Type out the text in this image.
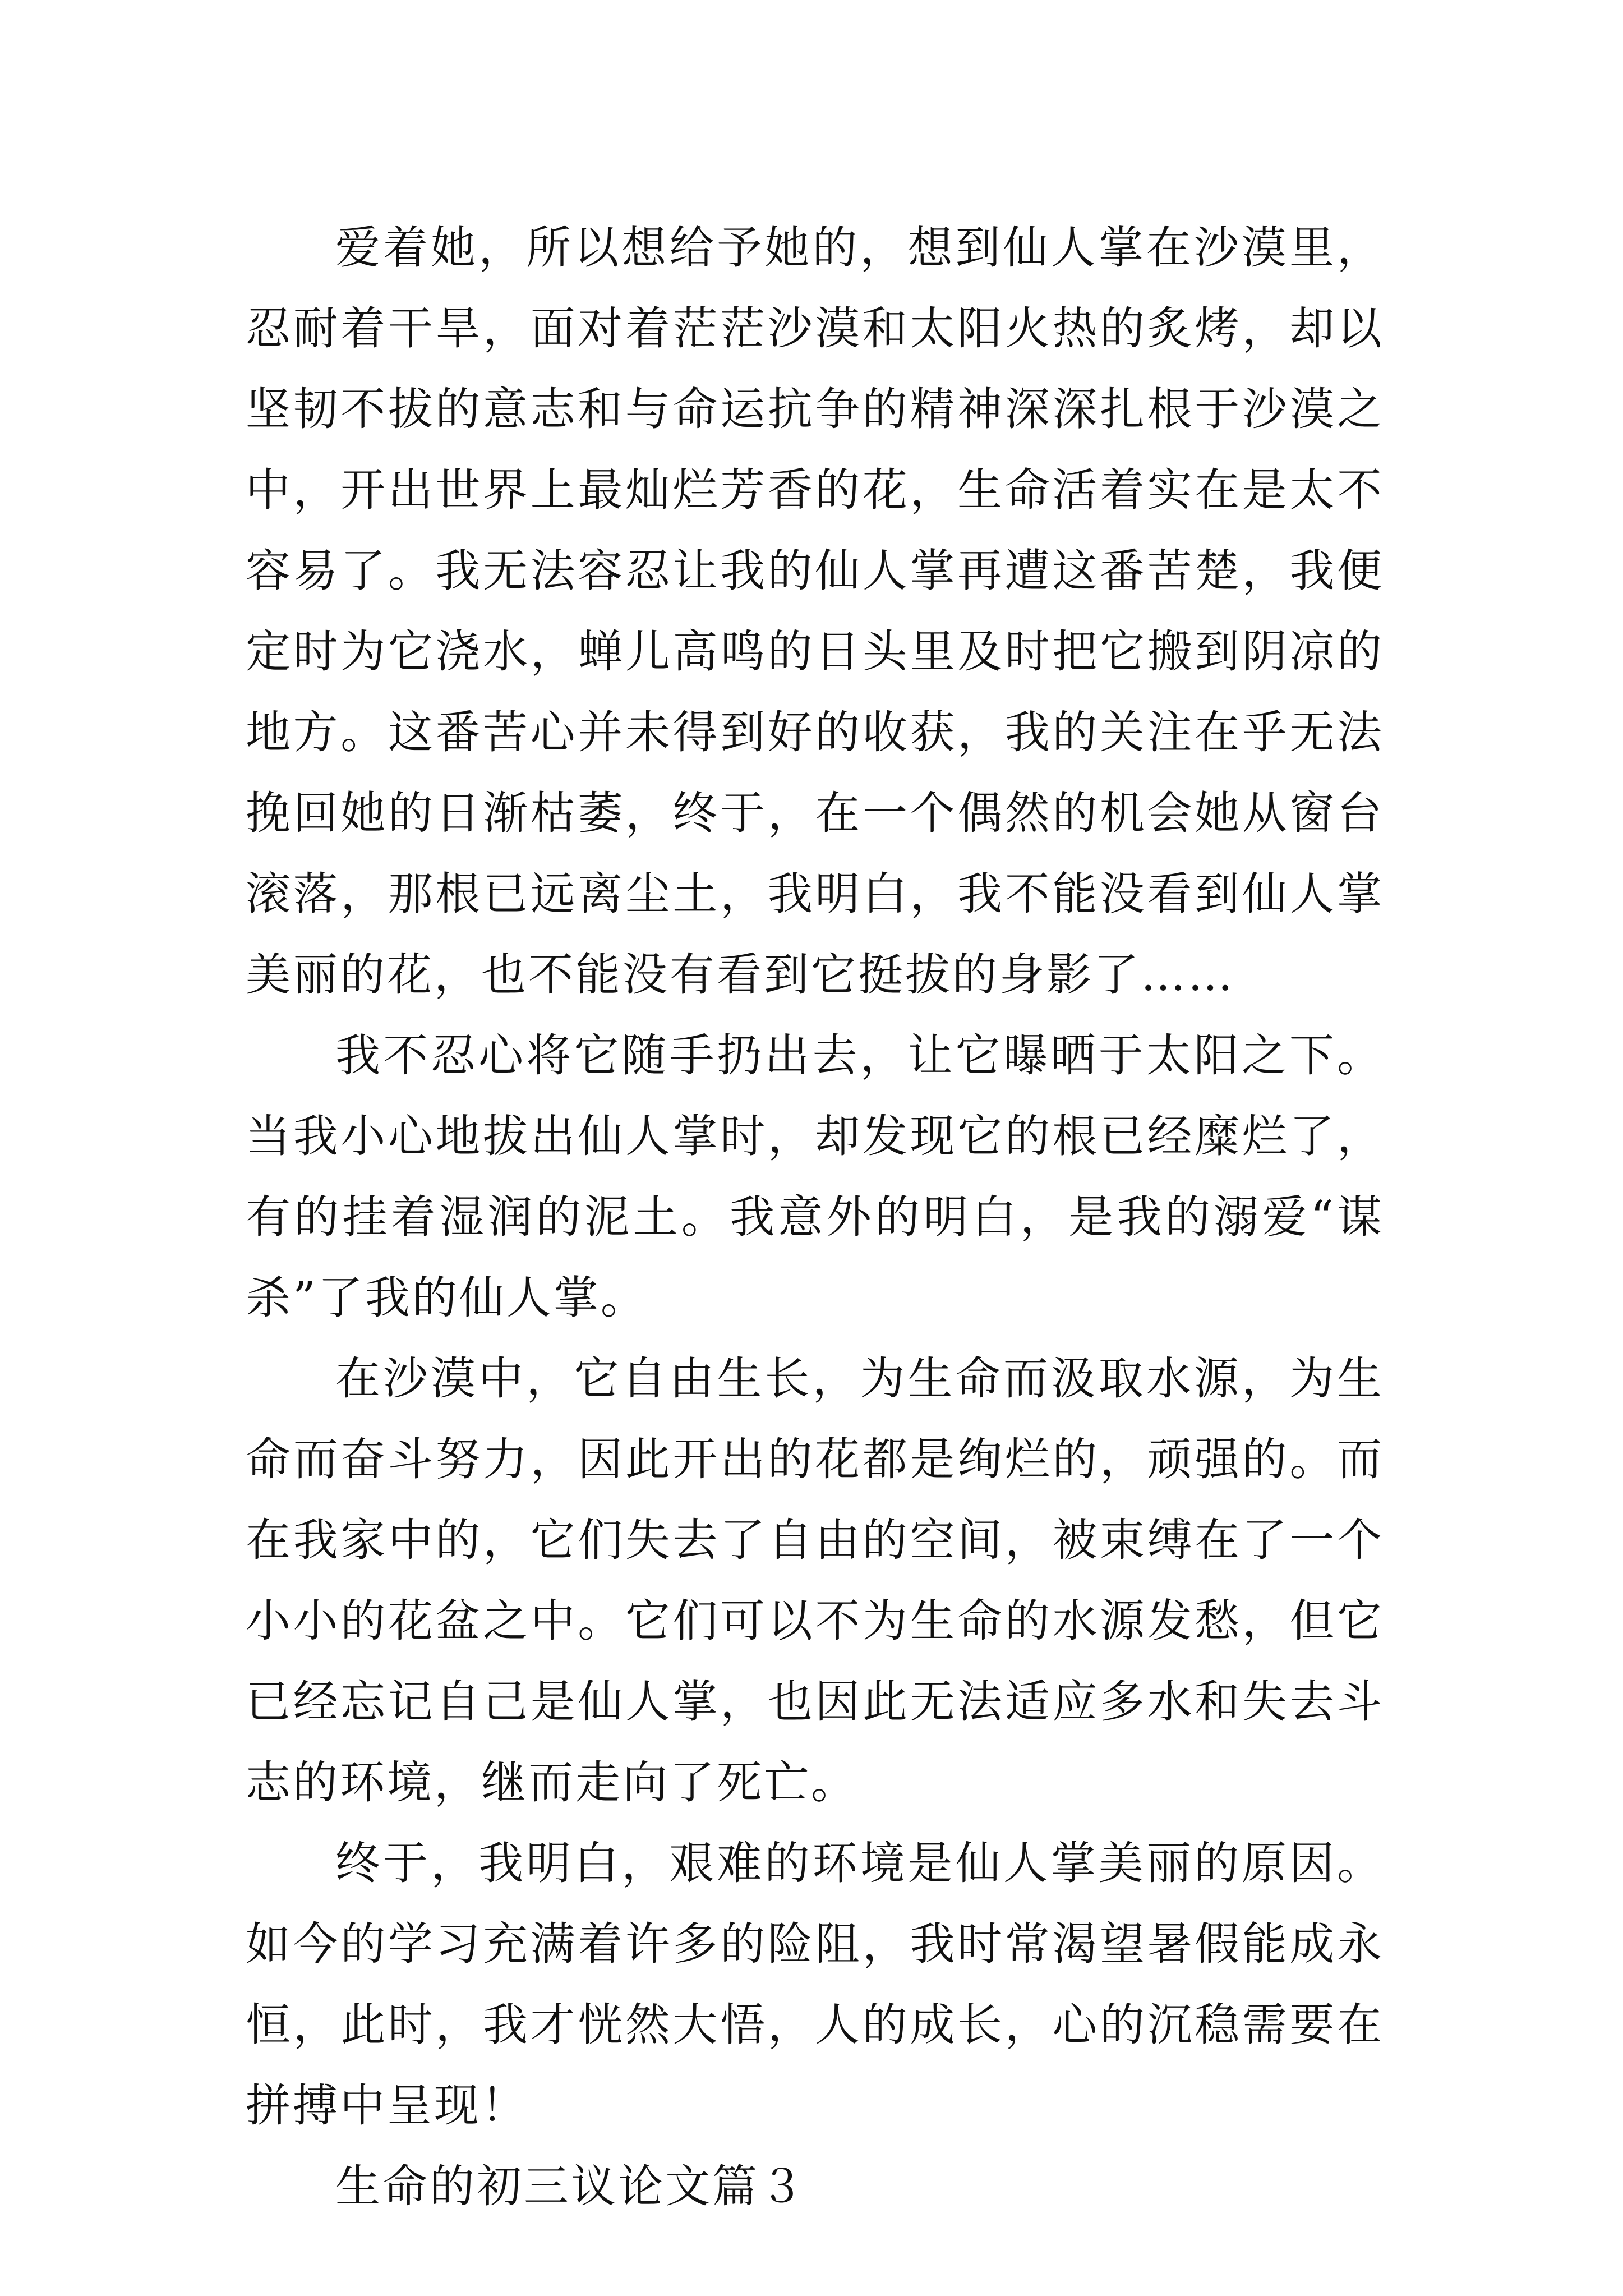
爱着她，所以想给予她的，想到仙人掌在沙漠里，忍耐着干旱，面对着茫茫沙漠和太阳火热的炙烤，却以坚韧不拔的意志和与命运抗争的精神深深扎根于沙漠之中，开出世界上最灿烂芳香的花，生命活着实在是太不容易了。我无法容忍让我的仙人掌再遭这番苦楚，我便定时为它浇水，蝉儿高鸣的日头里及时把它搬到阴凉的地方。这番苦心并未得到好的收获，我的关注在乎无法挽回她的日渐枯萎，终于，在一个偶然的机会她从窗台滚落，那根已远离尘土，我明白，我不能没看到仙人掌美丽的花，也不能没有看到它挺拔的身影了……

我不忍心将它随手扔出去，让它曝晒于太阳之下。当我小心地拔出仙人掌时，却发现它的根已经糜烂了，有的挂着湿润的泥土。我意外的明白，是我的溺爱“谋杀”了我的仙人掌。

在沙漠中，它自由生长，为生命而汲取水源，为生命而奋斗努力，因此开出的花都是绚烂的，顽强的。而在我家中的，它们失去了自由的空间，被束缚在了一个小小的花盆之中。它们可以不为生命的水源发愁，但它已经忘记自己是仙人掌，也因此无法适应多水和失去斗志的环境，继而走向了死亡。

终于，我明白，艰难的环境是仙人掌美丽的原因。如今的学习充满着许多的险阻，我时常渴望暑假能成永恒，此时，我才恍然大悟，人的成长，心的沉稳需要在拼搏中呈现！

生命的初三议论文篇３
